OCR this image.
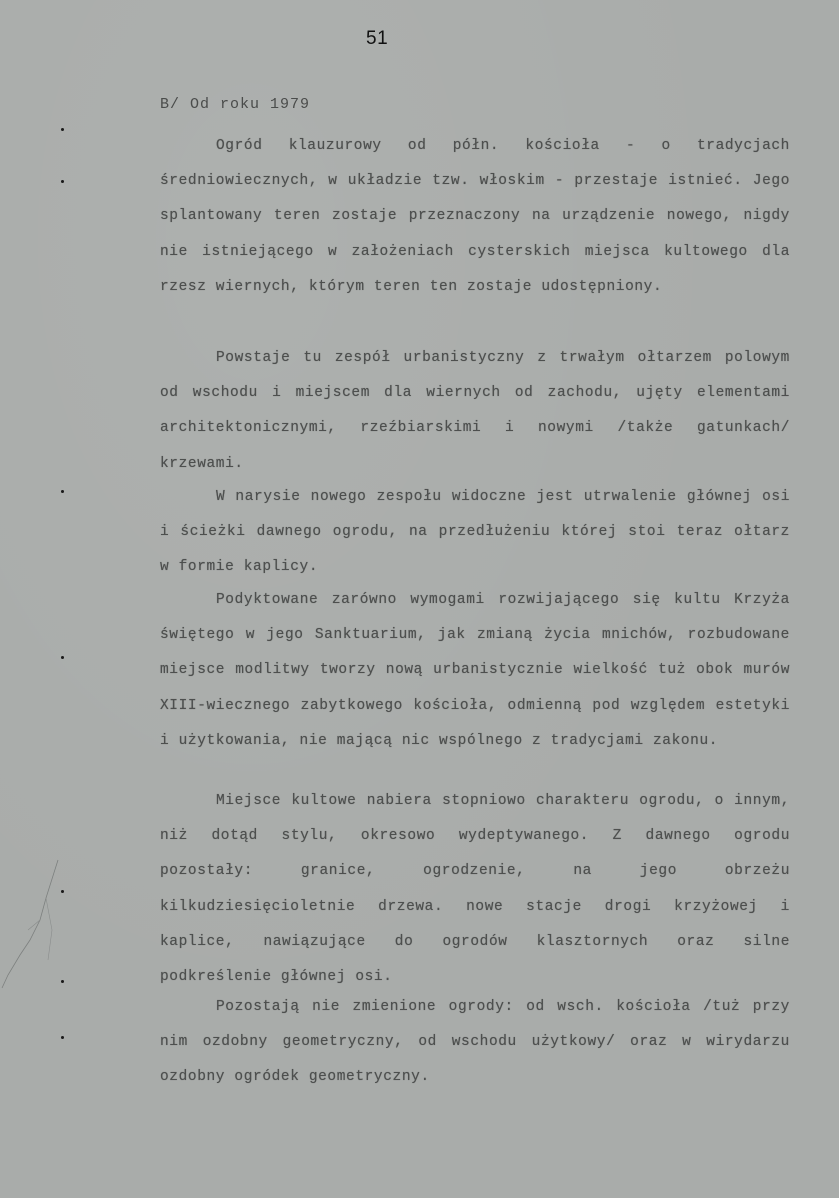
51
B/ Od roku 1979

Ogród klauzurowy od półn. kościoła - o tradycjach średniowiecznych, w układzie tzw. włoskim - przestaje istnieć. Jego splantowany teren zostaje przeznaczony na urządzenie nowego, nigdy nie istniejącego w założeniach cysterskich miejsca kultowego dla rzesz wiernych, którym teren ten zostaje udostępniony.

Powstaje tu zespół urbanistyczny z trwałym ołtarzem polowym od wschodu i miejscem dla wiernych od zachodu, ujęty elementami architektonicznymi, rzeźbiarskimi i nowymi /także gatunkach/ krzewami.

W narysie nowego zespołu widoczne jest utrwalenie głównej osi i ścieżki dawnego ogrodu, na przedłużeniu której stoi teraz ołtarz w formie kaplicy.

Podyktowane zarówno wymogami rozwijającego się kultu Krzyża świętego w jego Sanktuarium, jak zmianą życia mnichów, rozbudowane miejsce modlitwy tworzy nową urbanistycznie wielkość tuż obok murów XIII-wiecznego zabytkowego kościoła, odmienną pod względem estetyki i użytkowania, nie mającą nic wspólnego z tradycjami zakonu.

Miejsce kultowe nabiera stopniowo charakteru ogrodu, o innym, niż dotąd stylu, okresowo wydeptywanego. Z dawnego ogrodu pozostały: granice, ogrodzenie, na jego obrzeżu kilkudziesięcioletnie drzewa. nowe stacje drogi krzyżowej i kaplice, nawiązujące do ogrodów klasztornych oraz silne podkreślenie głównej osi.

Pozostają nie zmienione ogrody: od wsch. kościoła /tuż przy nim ozdobny geometryczny, od wschodu użytkowy/ oraz w wirydarzu ozdobny ogródek geometryczny.
